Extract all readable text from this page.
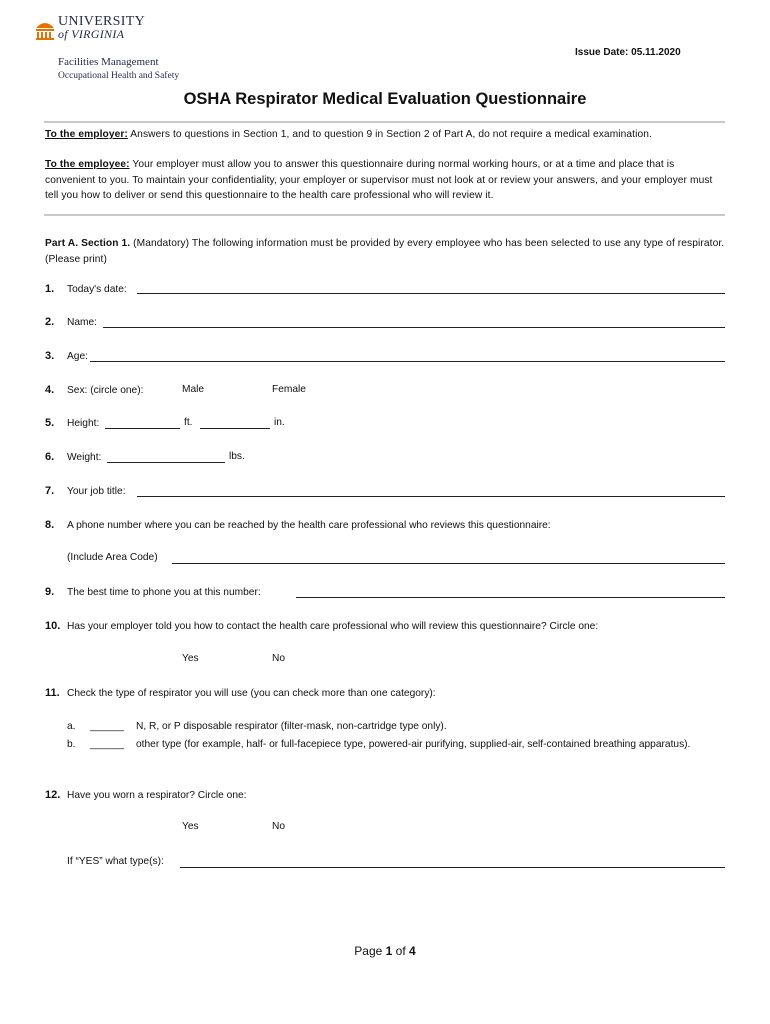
UNIVERSITY
of VIRGINIA
Facilities Management
Occupational Health and Safety
Issue Date: 05.11.2020
OSHA Respirator Medical Evaluation Questionnaire
To the employer: Answers to questions in Section 1, and to question 9 in Section 2 of Part A, do not require a medical examination.
To the employee: Your employer must allow you to answer this questionnaire during normal working hours, or at a time and place that is convenient to you. To maintain your confidentiality, your employer or supervisor must not look at or review your answers, and your employer must tell you how to deliver or send this questionnaire to the health care professional who will review it.
Part A. Section 1. (Mandatory) The following information must be provided by every employee who has been selected to use any type of respirator. (Please print)
1. Today's date:
2. Name:
3. Age:
4. Sex: (circle one):	Male	Female
5. Height:	ft.	in.
6. Weight:	lbs.
7. Your job title:
8. A phone number where you can be reached by the health care professional who reviews this questionnaire:
(Include Area Code)
9. The best time to phone you at this number:
10. Has your employer told you how to contact the health care professional who will review this questionnaire? Circle one:
Yes	No
11. Check the type of respirator you will use (you can check more than one category):
a. ______ N, R, or P disposable respirator (filter-mask, non-cartridge type only).
b. ______ other type (for example, half- or full-facepiece type, powered-air purifying, supplied-air, self-contained breathing apparatus).
12. Have you worn a respirator? Circle one:
Yes	No
If “YES” what type(s):
Page 1 of 4
